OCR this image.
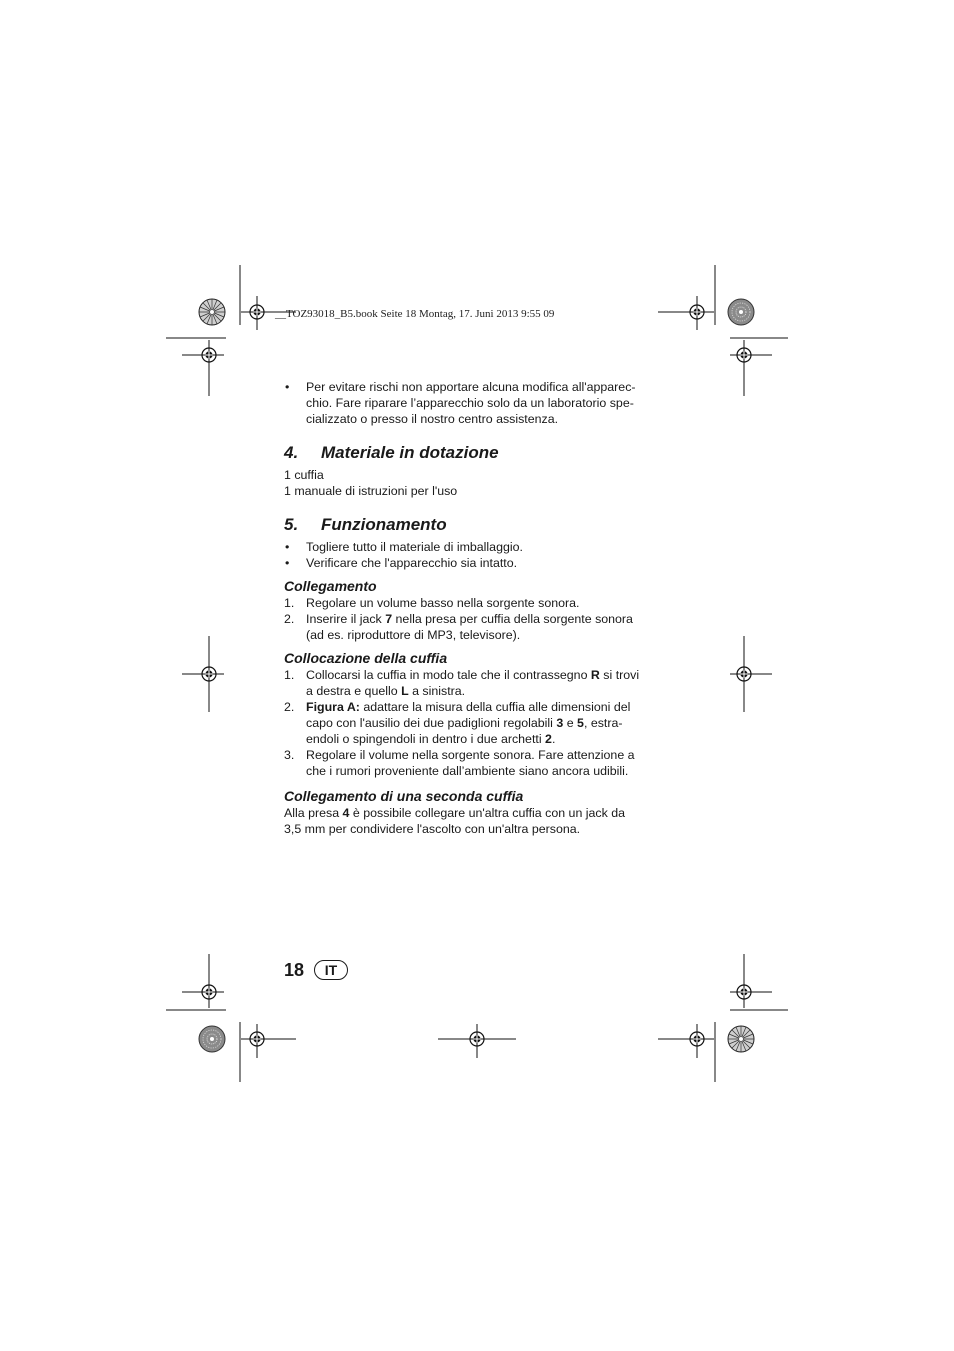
__TOZ93018_B5.book Seite 18 Montag, 17. Juni 2013 9:55 09
• Per evitare rischi non apportare alcuna modifica all'apparec-
chio. Fare riparare l’apparecchio solo da un laboratorio spe-
cializzato o presso il nostro centro assistenza.
4. Materiale in dotazione

1 cuffia

1 manuale di istruzioni per l'uso

5. Funzionamento
• Togliere tutto il materiale di imballaggio.
• Verificare che l'apparecchio sia intatto.
Collegamento
1. Regolare un volume basso nella sorgente sonora.
2. Inserire il jack 7 nella presa per cuffia della sorgente sonora
(ad es. riproduttore di MP3, televisore).
Collocazione della cuffia
1. Collocarsi la cuffia in modo tale che il contrassegno R si trovi
a destra e quello L a sinistra.
2. Figura A: adattare la misura della cuffia alle dimensioni del
capo con l'ausilio dei due padiglioni regolabili 3 e 5, estra-
endoli o spingendoli in dentro i due archetti 2.
3. Regolare il volume nella sorgente sonora. Fare attenzione a
che i rumori proveniente dall’ambiente siano ancora udibili.
Collegamento di una seconda cuffia

Alla presa 4 è possibile collegare un'altra cuffia con un jack da
3,5 mm per condividere l'ascolto con un'altra persona.

18	IT
